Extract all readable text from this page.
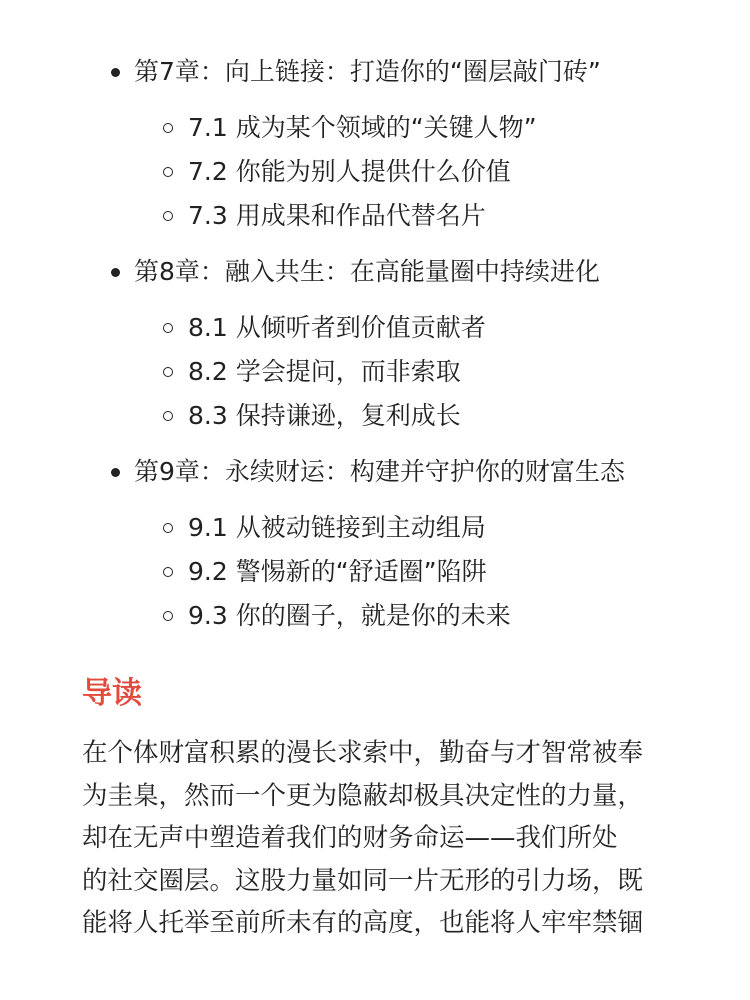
第7章：向上链接：打造你的“圈层敲门砖”
7.1 成为某个领域的“关键人物”
7.2 你能为别人提供什么价值
7.3 用成果和作品代替名片
第8章：融入共生：在高能量圈中持续进化
8.1 从倾听者到价值贡献者
8.2 学会提问，而非索取
8.3 保持谦逊，复利成长
第9章：永续财运：构建并守护你的财富生态
9.1 从被动链接到主动组局
9.2 警惕新的“舒适圈”陷阱
9.3 你的圈子，就是你的未来
导读

在个体财富积累的漫长求索中，勤奋与才智常被奉
为圭臬，然而一个更为隐蔽却极具决定性的力量，
却在无声中塑造着我们的财务命运——我们所处
的社交圈层。这股力量如同一片无形的引力场，既
能将人托举至前所未有的高度，也能将人牢牢禁锢
